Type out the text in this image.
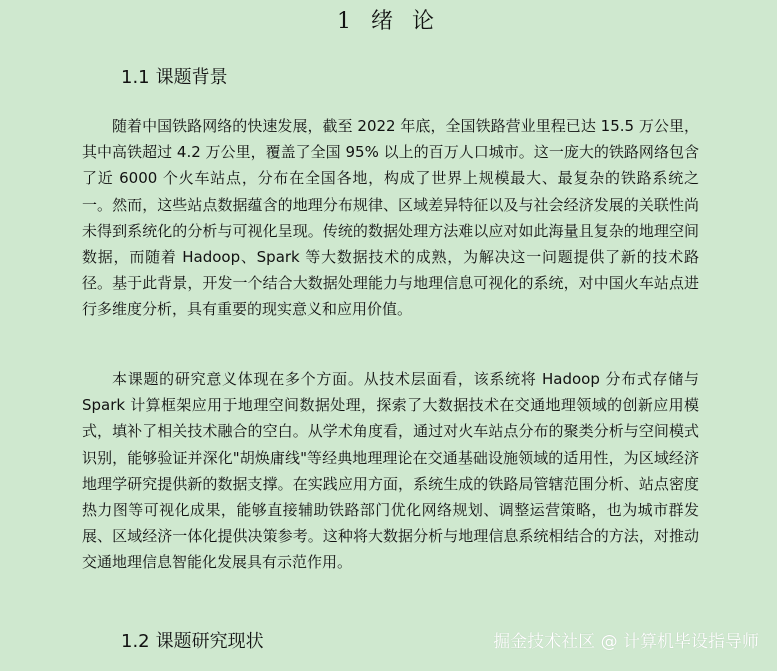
1 绪 论
1.1 课题背景

随着中国铁路网络的快速发展，截至 2022 年底，全国铁路营业里程已达 15.5 万公里，其中高铁超过 4.2 万公里，覆盖了全国 95% 以上的百万人口城市。这一庞大的铁路网络包含了近 6000 个火车站点，分布在全国各地，构成了世界上规模最大、最复杂的铁路系统之一。然而，这些站点数据蕴含的地理分布规律、区域差异特征以及与社会经济发展的关联性尚未得到系统化的分析与可视化呈现。传统的数据处理方法难以应对如此海量且复杂的地理空间数据，而随着 Hadoop、Spark 等大数据技术的成熟，为解决这一问题提供了新的技术路径。基于此背景，开发一个结合大数据处理能力与地理信息可视化的系统，对中国火车站点进行多维度分析，具有重要的现实意义和应用价值。

本课题的研究意义体现在多个方面。从技术层面看，该系统将 Hadoop 分布式存储与 Spark 计算框架应用于地理空间数据处理，探索了大数据技术在交通地理领域的创新应用模式，填补了相关技术融合的空白。从学术角度看，通过对火车站点分布的聚类分析与空间模式识别，能够验证并深化"胡焕庸线"等经典地理理论在交通基础设施领域的适用性，为区域经济地理学研究提供新的数据支撑。在实践应用方面，系统生成的铁路局管辖范围分析、站点密度热力图等可视化成果，能够直接辅助铁路部门优化网络规划、调整运营策略，也为城市群发展、区域经济一体化提供决策参考。这种将大数据分析与地理信息系统相结合的方法，对推动交通地理信息智能化发展具有示范作用。

1.2 课题研究现状	掘金技术社区 @ 计算机毕设指导师
